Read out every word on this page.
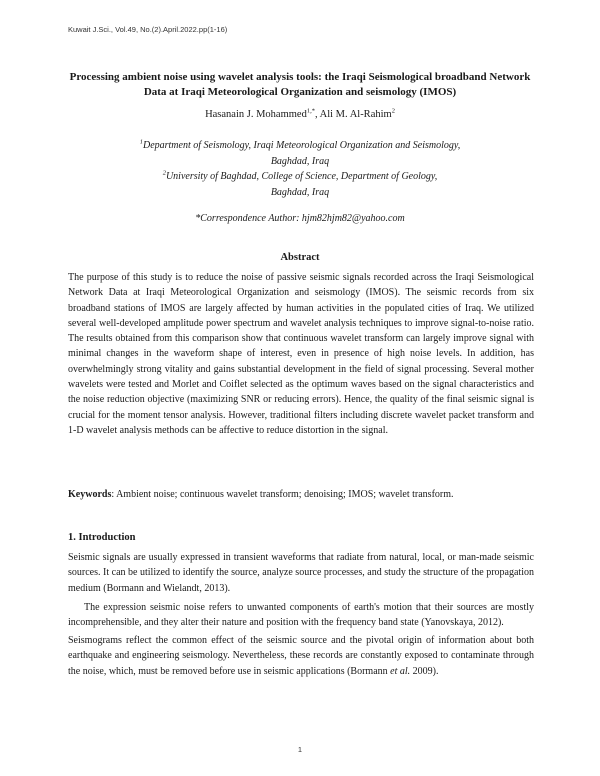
Kuwait J.Sci., Vol.49, No.(2).April.2022.pp(1-16)
Processing ambient noise using wavelet analysis tools: the Iraqi Seismological broadband Network Data at Iraqi Meteorological Organization and seismology (IMOS)
Hasanain J. Mohammed$^{1,*}$, Ali M. Al-Rahim$^2$
$^1$Department of Seismology, Iraqi Meteorological Organization and Seismology,
Baghdad, Iraq
$^2$University of Baghdad, College of Science, Department of Geology,
Baghdad, Iraq
*Correspondence Author: hjm82hjm82@yahoo.com
Abstract

The purpose of this study is to reduce the noise of passive seismic signals recorded across the Iraqi Seismological Network Data at Iraqi Meteorological Organization and seismology (IMOS). The seismic records from six broadband stations of IMOS are largely affected by human activities in the populated cities of Iraq. We utilized several well-developed amplitude power spectrum and wavelet analysis techniques to improve signal-to-noise ratio. The results obtained from this comparison show that continuous wavelet transform can largely improve signal with minimal changes in the waveform shape of interest, even in presence of high noise levels. In addition, has overwhelmingly strong vitality and gains substantial development in the field of signal processing. Several mother wavelets were tested and Morlet and Coiflet selected as the optimum waves based on the signal characteristics and the noise reduction objective (maximizing SNR or reducing errors). Hence, the quality of the final seismic signal is crucial for the moment tensor analysis. However, traditional filters including discrete wavelet packet transform and 1-D wavelet analysis methods can be affective to reduce distortion in the signal.

Keywords: Ambient noise; continuous wavelet transform; denoising; IMOS; wavelet transform.
1. Introduction

Seismic signals are usually expressed in transient waveforms that radiate from natural, local, or man-made seismic sources. It can be utilized to identify the source, analyze source processes, and study the structure of the propagation medium (Bormann and Wielandt, 2013).

The expression seismic noise refers to unwanted components of earth's motion that their sources are mostly incomprehensible, and they alter their nature and position with the frequency band state (Yanovskaya, 2012).

Seismograms reflect the common effect of the seismic source and the pivotal origin of information about both earthquake and engineering seismology. Nevertheless, these records are constantly exposed to contaminate through the noise, which, must be removed before use in seismic applications (Bormann et al. 2009).

1
